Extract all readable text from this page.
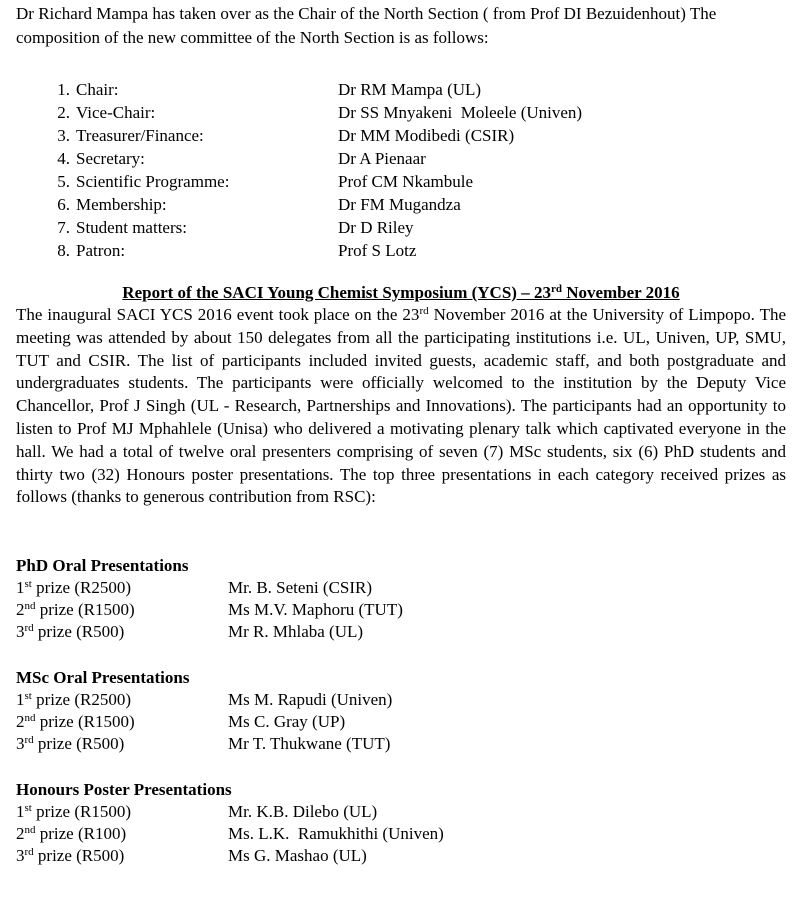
Dr Richard Mampa has taken over as the Chair of the North Section ( from Prof DI Bezuidenhout) The composition of the new committee of the North Section is as follows:
1. Chair:	Dr RM Mampa (UL)
2. Vice-Chair:	Dr SS Mnyakeni  Moleele (Univen)
3. Treasurer/Finance:	Dr MM Modibedi (CSIR)
4. Secretary:	Dr A Pienaar
5. Scientific Programme:	Prof CM Nkambule
6. Membership:	Dr FM Mugandza
7. Student matters:	Dr D Riley
8. Patron:	Prof S Lotz
Report of the SACI Young Chemist Symposium (YCS) – 23rd November 2016
The inaugural SACI YCS 2016 event took place on the 23rd November 2016 at the University of Limpopo. The meeting was attended by about 150 delegates from all the participating institutions i.e. UL, Univen, UP, SMU, TUT and CSIR. The list of participants included invited guests, academic staff, and both postgraduate and undergraduates students. The participants were officially welcomed to the institution by the Deputy Vice Chancellor, Prof J Singh (UL - Research, Partnerships and Innovations). The participants had an opportunity to listen to Prof MJ Mphahlele (Unisa) who delivered a motivating plenary talk which captivated everyone in the hall. We had a total of twelve oral presenters comprising of seven (7) MSc students, six (6) PhD students and thirty two (32) Honours poster presentations. The top three presentations in each category received prizes as follows (thanks to generous contribution from RSC):
PhD Oral Presentations
1st prize (R2500)	Mr. B. Seteni (CSIR)
2nd prize (R1500)	Ms M.V. Maphoru (TUT)
3rd prize (R500)	Mr R. Mhlaba (UL)
MSc Oral Presentations
1st prize (R2500)	Ms M. Rapudi (Univen)
2nd prize (R1500)	Ms C. Gray (UP)
3rd prize (R500)	Mr T. Thukwane (TUT)
Honours Poster Presentations
1st prize (R1500)	Mr. K.B. Dilebo (UL)
2nd prize (R100)	Ms. L.K.  Ramukhithi (Univen)
3rd prize (R500)	Ms G. Mashao (UL)
